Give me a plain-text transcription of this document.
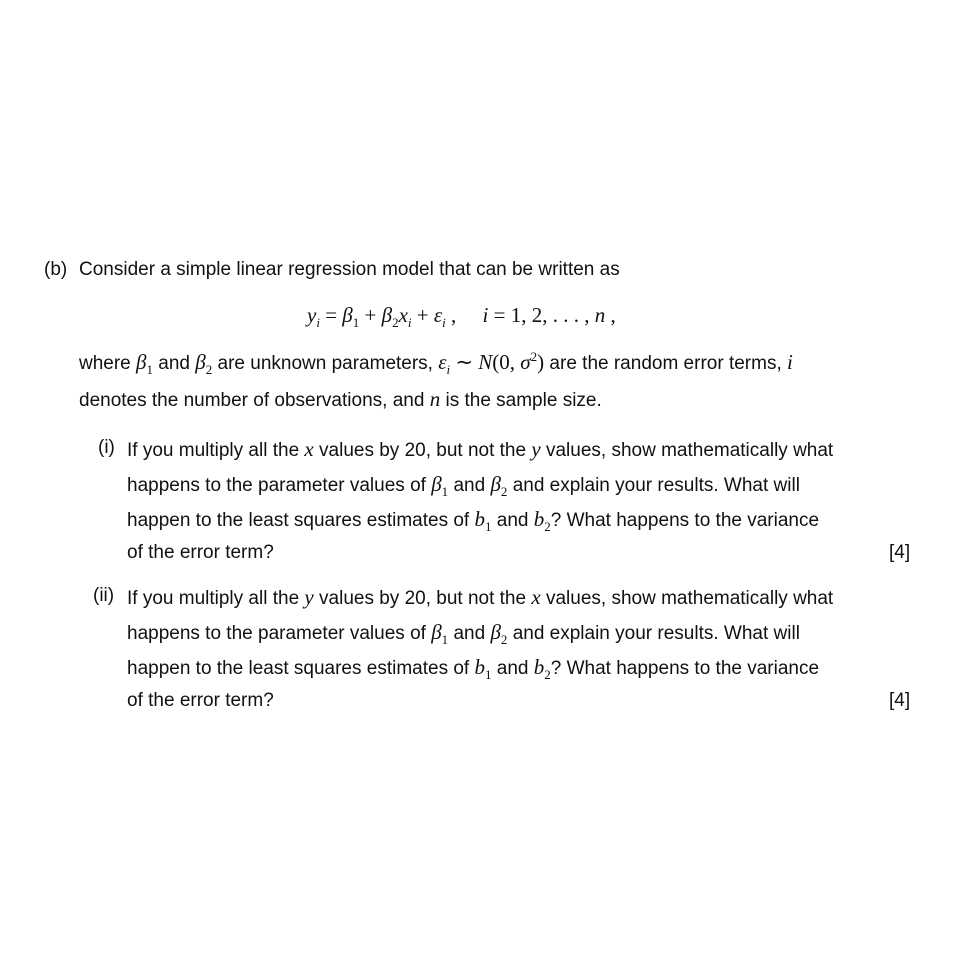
(b) Consider a simple linear regression model that can be written as
$y_i = \beta_1 + \beta_2x_i + \varepsilon_i$ , i = 1, 2, . . . , n ,
where $\beta_1$ and $\beta_2$ are unknown parameters, $\varepsilon_i$ ∼ N(0, $\sigma^2$) are the random error terms, i
denotes the number of observations, and n is the sample size.
(i) If you multiply all the x values by 20, but not the y values, show mathematically what
happens to the parameter values of $\beta_1$ and $\beta_2$ and explain your results. What will
happen to the least squares estimates of $b_1$ and $b_2$? What happens to the variance
of the error term?	[4]
(ii) If you multiply all the y values by 20, but not the x values, show mathematically what
happens to the parameter values of $\beta_1$ and $\beta_2$ and explain your results. What will
happen to the least squares estimates of $b_1$ and $b_2$? What happens to the variance
of the error term?	[4]
